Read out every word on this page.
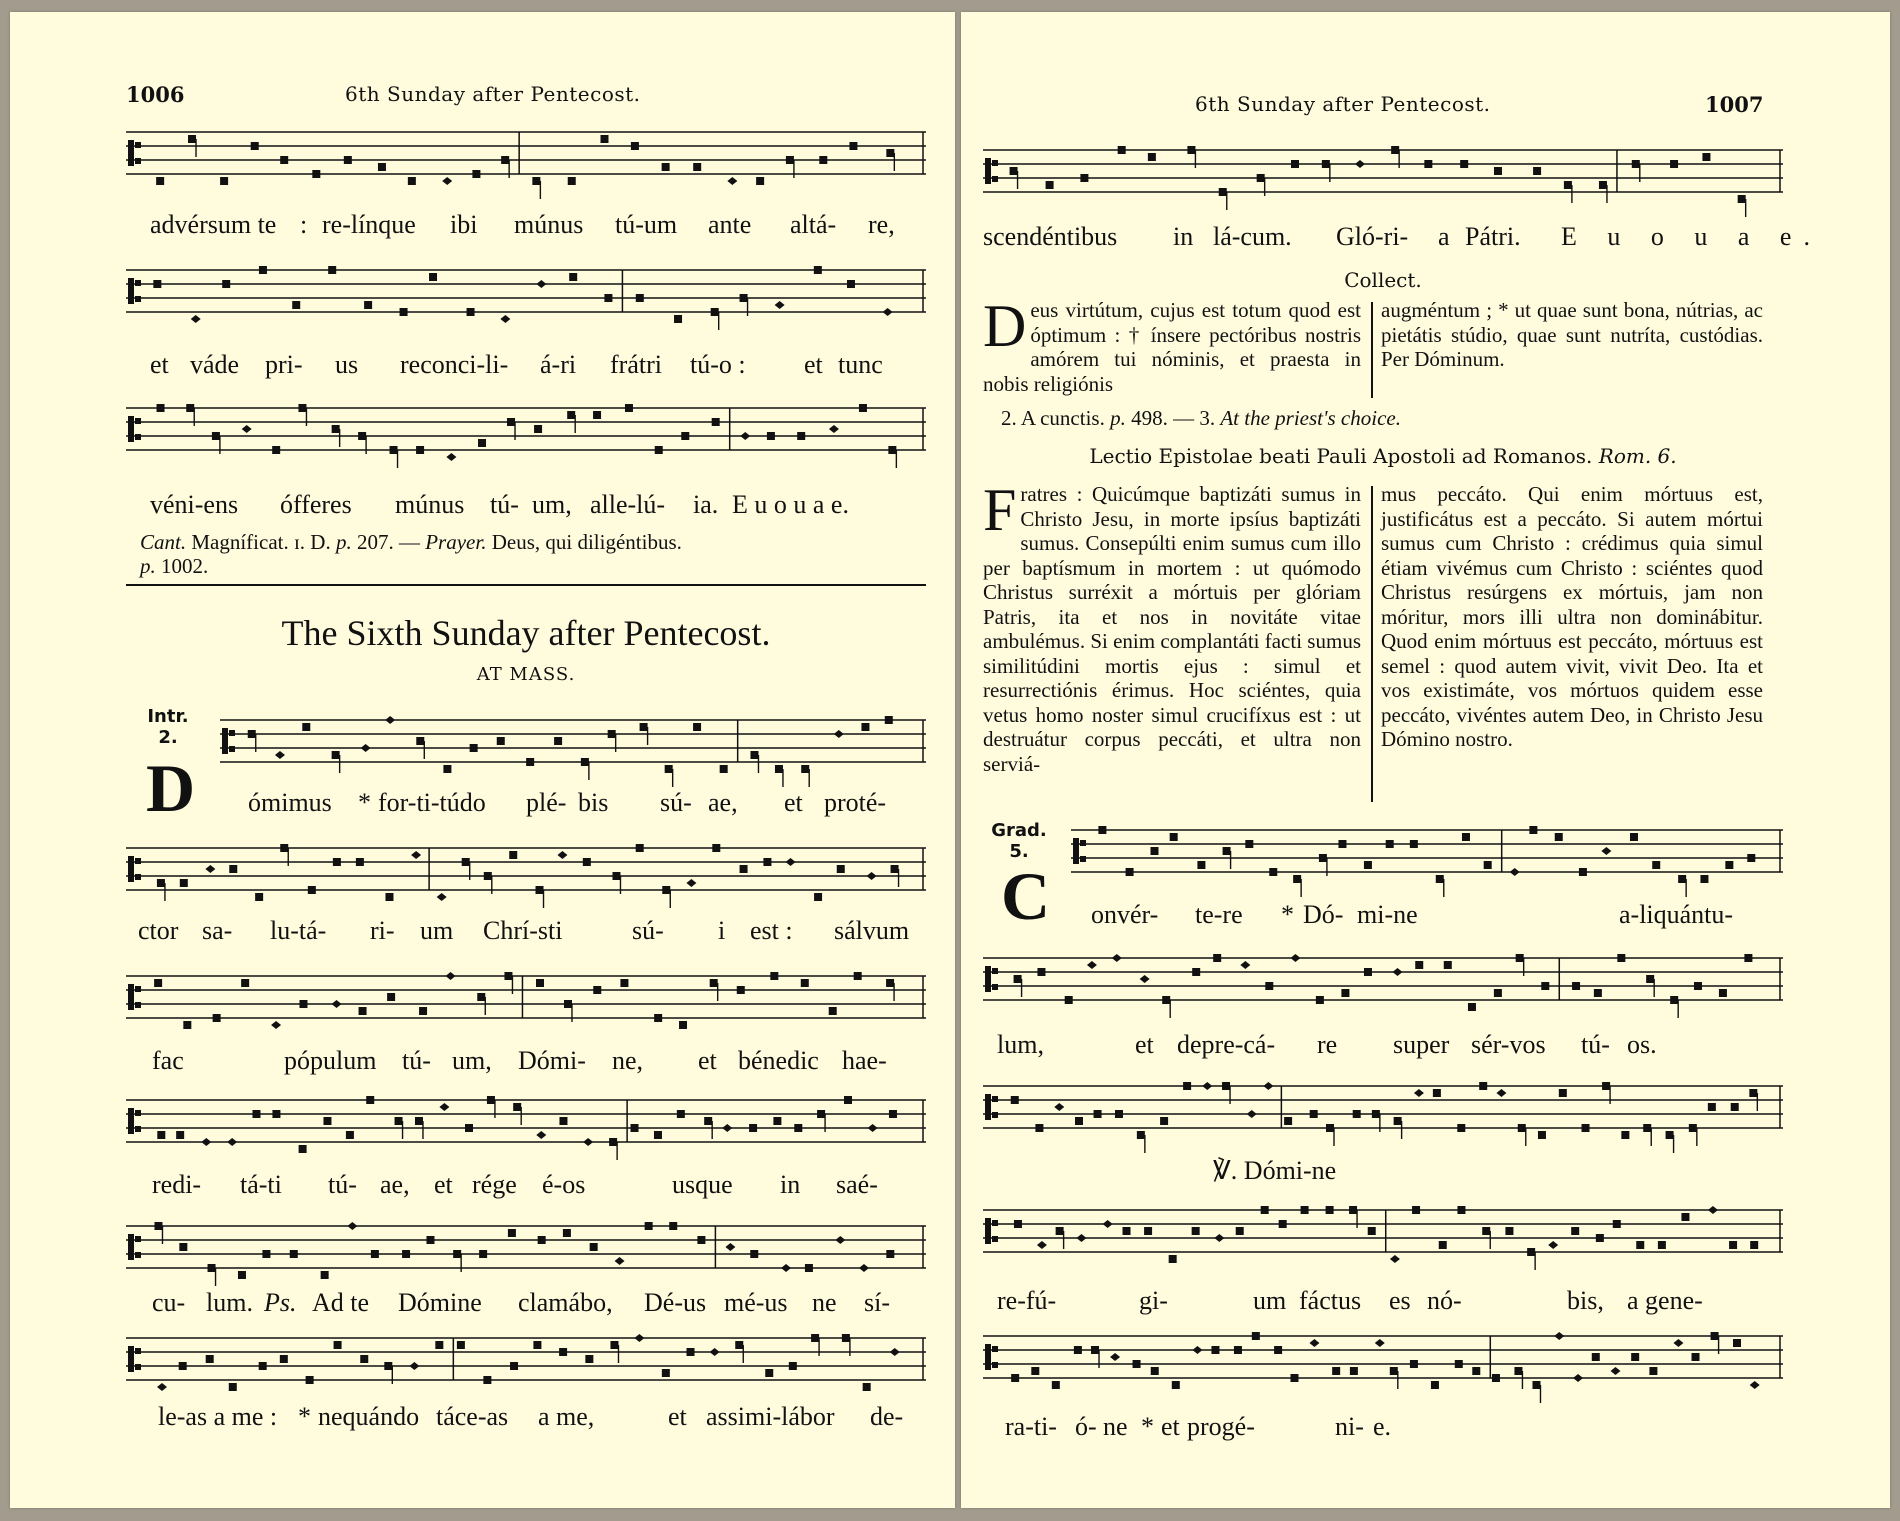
1006	6th Sunday after Pentecost.
advérsum te : re-línque ibi múnus tú-um ante altá- re,
et váde pri- us reconci-li- á-ri frátri tú-o : et tunc
véni-ens ófferes múnus tú- um, alle-lú- ia. E u o u a e.
Cant. Magníficat. ɪ. D. p. 207. — Prayer. Deus, qui diligéntibus.
p. 1002.
The Sixth Sunday after Pentecost.
AT MASS.
Intr.
2.
D ómimus * for-ti-túdo plé- bis sú- ae, et proté-
ctor sa- lu-tá- ri- um Chrí-sti	sú- i est : sálvum
fac	pópulum tú- um, Dómi- ne, et bénedic hae-
redi- tá-ti tú- ae, et rége é-os	usque in saé-
cu- lum. Ps. Ad te Dómine clamábo, Dé-us mé-us ne sí-
le-as a me : * nequándo táce-as a me,	et assimi-lábor de-
6th Sunday after Pentecost.	1007
scendéntibus in lá-cum. Gló-ri- a Pátri. E u o u a e.
Collect.
Deus virtútum, cujus est totum quod est óptimum : † ínsere pectóribus nostris amórem tui nóminis, et praesta in nobis religiónis
augméntum ; * ut quae sunt bona, nútrias, ac pietátis stúdio, quae sunt nutríta, custódias. Per Dóminum.
2. A cunctis. p. 498. — 3. At the priest's choice.
Lectio Epistolae beati Pauli Apostoli ad Romanos. Rom. 6.
Fratres : Quicúmque baptizáti sumus in Christo Jesu, in morte ipsíus baptizáti sumus. Consepúlti enim sumus cum illo per baptísmum in mortem : ut quómodo Christus surréxit a mórtuis per glóriam Patris, ita et nos in novitáte vitae ambulémus. Si enim complantáti facti sumus similitúdini mortis ejus : simul et resurrectiónis érimus. Hoc sciéntes, quia vetus homo noster simul crucifíxus est : ut destruátur corpus peccáti, et ultra non serviá-
mus peccáto. Qui enim mórtuus est, justificátus est a peccáto. Si autem mórtui sumus cum Christo : crédimus quia simul étiam vivémus cum Christo : sciéntes quod Christus resúrgens ex mórtuis, jam non móritur, mors illi ultra non dominábitur. Quod enim mórtuus est peccáto, mórtuus est semel : quod autem vivit, vivit Deo. Ita et vos existimáte, vos mórtuos quidem esse peccáto, vivéntes autem Deo, in Christo Jesu Dómino nostro.
Grad.
5.
C onvér- te-re * Dó- mi-ne	a-liquántu-
lum,	et depre-cá- re super sér-vos tú- os.
℣. Dómi-ne
re-fú-	gi-	um fáctus es nó-	bis, a gene-
ra-ti- ó- ne * et progé-	ni- e.
